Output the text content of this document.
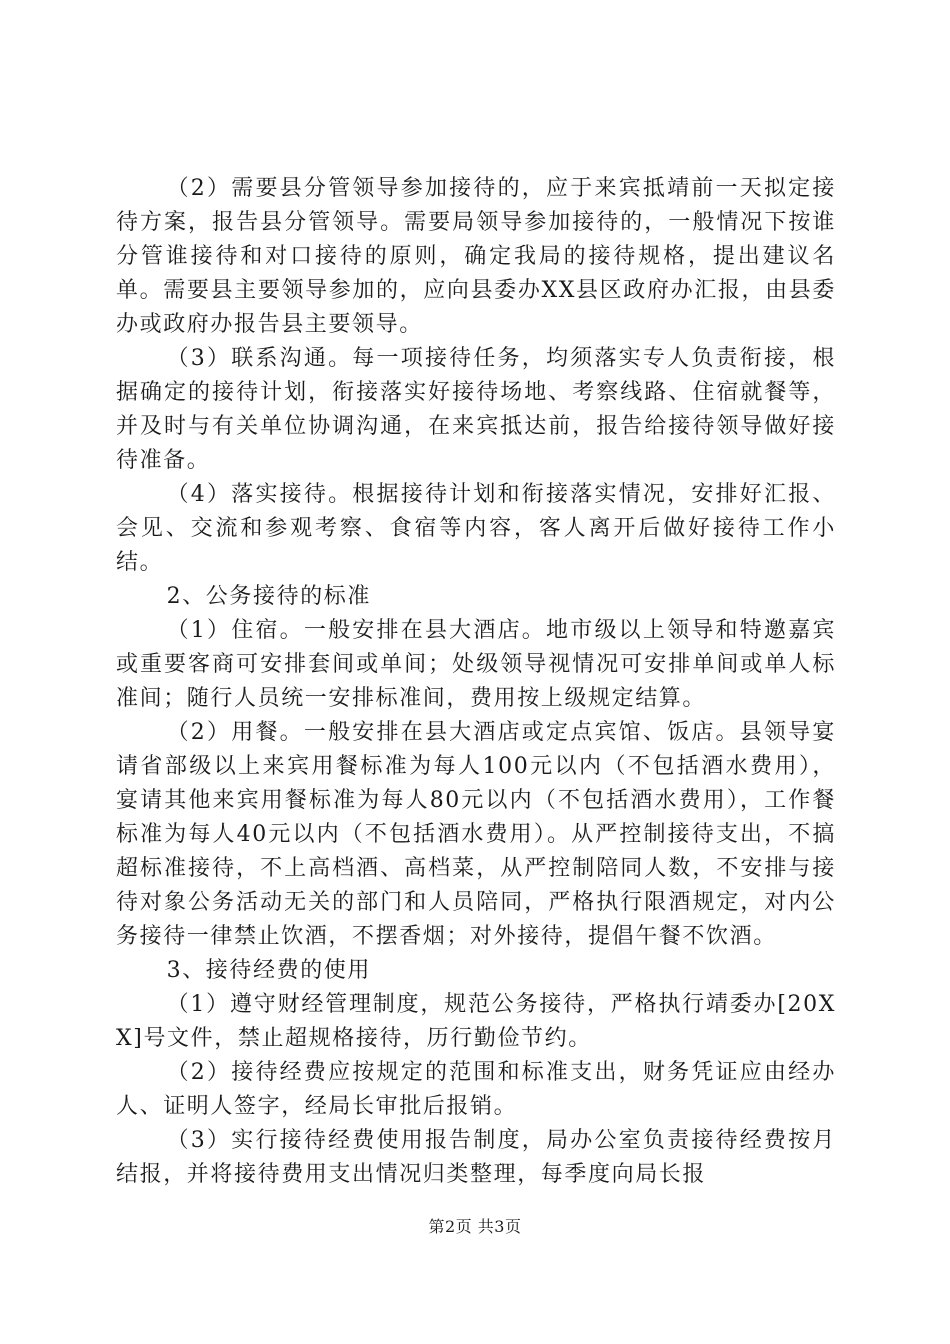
（2）需要县分管领导参加接待的，应于来宾抵靖前一天拟定接待方案，报告县分管领导。需要局领导参加接待的，一般情况下按谁分管谁接待和对口接待的原则，确定我局的接待规格，提出建议名单。需要县主要领导参加的，应向县委办XX县区政府办汇报，由县委办或政府办报告县主要领导。

（3）联系沟通。每一项接待任务，均须落实专人负责衔接，根据确定的接待计划，衔接落实好接待场地、考察线路、住宿就餐等，并及时与有关单位协调沟通，在来宾抵达前，报告给接待领导做好接待准备。

（4）落实接待。根据接待计划和衔接落实情况，安排好汇报、会见、交流和参观考察、食宿等内容，客人离开后做好接待工作小结。

2、公务接待的标准

（1）住宿。一般安排在县大酒店。地市级以上领导和特邀嘉宾或重要客商可安排套间或单间；处级领导视情况可安排单间或单人标准间；随行人员统一安排标准间，费用按上级规定结算。

（2）用餐。一般安排在县大酒店或定点宾馆、饭店。县领导宴请省部级以上来宾用餐标准为每人100元以内（不包括酒水费用），宴请其他来宾用餐标准为每人80元以内（不包括酒水费用），工作餐标准为每人40元以内（不包括酒水费用）。从严控制接待支出，不搞超标准接待，不上高档酒、高档菜，从严控制陪同人数，不安排与接待对象公务活动无关的部门和人员陪同，严格执行限酒规定，对内公务接待一律禁止饮酒，不摆香烟；对外接待，提倡午餐不饮酒。

3、接待经费的使用

（1）遵守财经管理制度，规范公务接待，严格执行靖委办[20XX]号文件，禁止超规格接待，历行勤俭节约。

（2）接待经费应按规定的范围和标准支出，财务凭证应由经办人、证明人签字，经局长审批后报销。

（3）实行接待经费使用报告制度，局办公室负责接待经费按月结报，并将接待费用支出情况归类整理，每季度向局长报

第2页 共3页
